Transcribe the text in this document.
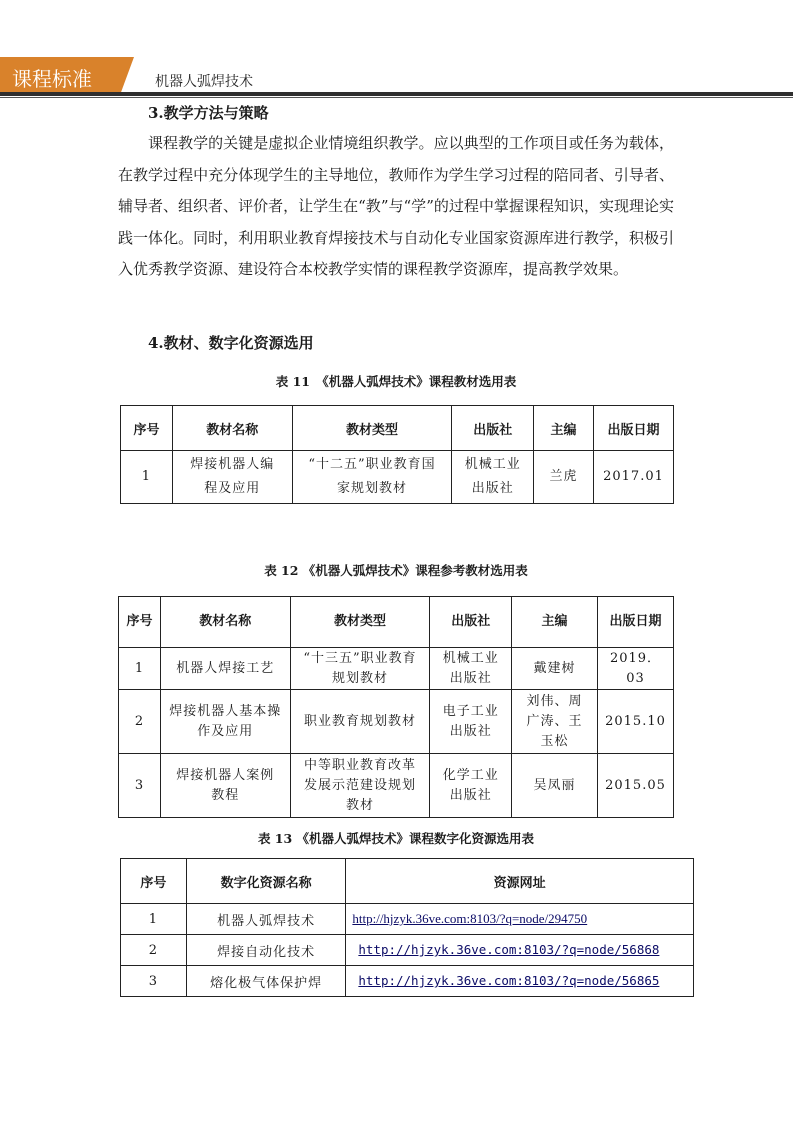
课程标准	机器人弧焊技术
3.教学方法与策略
课程教学的关键是虚拟企业情境组织教学。应以典型的工作项目或任务为载体，在教学过程中充分体现学生的主导地位，教师作为学生学习过程的陪同者、引导者、辅导者、组织者、评价者，让学生在“教”与“学”的过程中掌握课程知识，实现理论实践一体化。同时，利用职业教育焊接技术与自动化专业国家资源库进行教学，积极引入优秀教学资源、建设符合本校教学实情的课程教学资源库，提高教学效果。
4.教材、数字化资源选用
表 11　《机器人弧焊技术》课程教材选用表
序号	教材名称	教材类型	出版社	主编	出版日期
1	焊接机器人编程及应用	“十二五”职业教育国家规划教材	机械工业出版社	兰虎	2017.01
表 12 《机器人弧焊技术》课程参考教材选用表
序号	教材名称	教材类型	出版社	主编	出版日期
1	机器人焊接工艺	“十三五”职业教育规划教材	机械工业出版社	戴建树	2019．03
2	焊接机器人基本操作及应用	职业教育规划教材	电子工业出版社	刘伟、周广涛、王玉松	2015.10
3	焊接机器人案例教程	中等职业教育改革发展示范建设规划教材	化学工业出版社	吴凤丽	2015.05
表 13 《机器人弧焊技术》课程数字化资源选用表
序号	数字化资源名称	资源网址
1	机器人弧焊技术	http://hjzyk.36ve.com:8103/?q=node/294750
2	焊接自动化技术	http://hjzyk.36ve.com:8103/?q=node/56868
3	熔化极气体保护焊	http://hjzyk.36ve.com:8103/?q=node/56865
